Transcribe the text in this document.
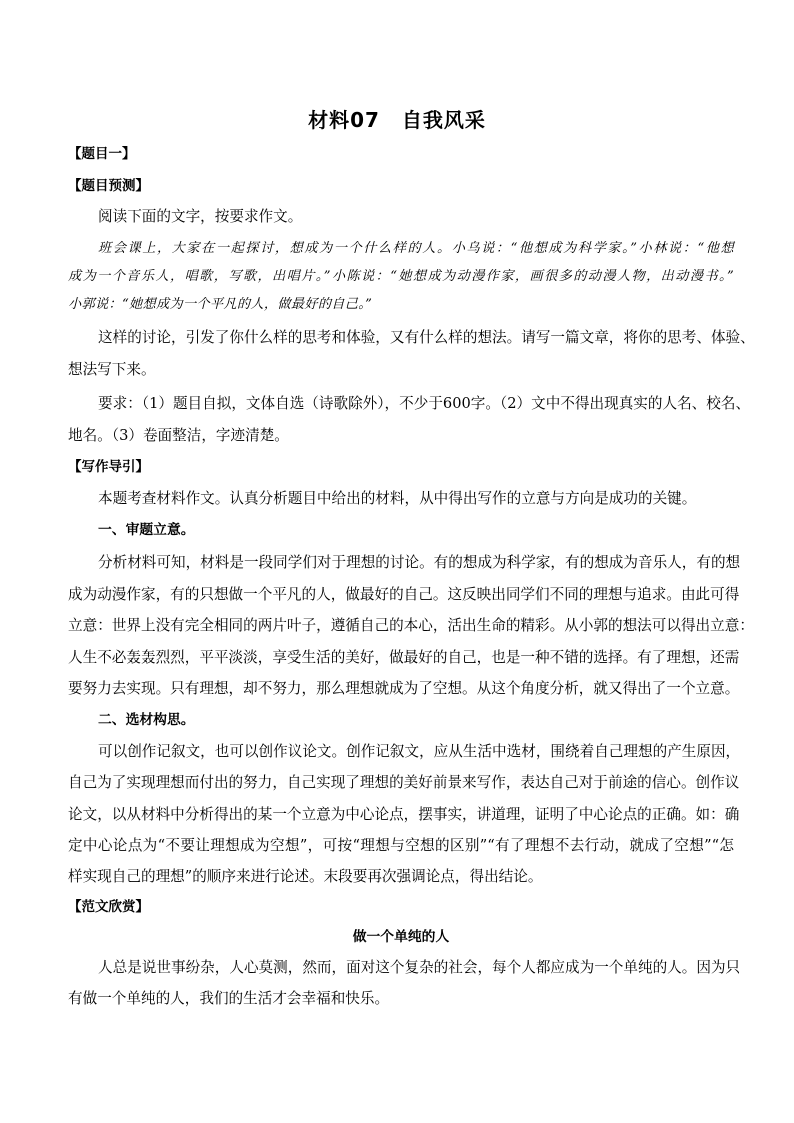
材料07 自我风采
【题目一】
【题目预测】
阅读下面的文字，按要求作文。
班会课上，大家在一起探讨，想成为一个什么样的人。小乌说：“他想成为科学家。”小林说：“他想
成为一个音乐人，唱歌，写歌，出唱片。”小陈说：“她想成为动漫作家，画很多的动漫人物，出动漫书。”
小郭说：“她想成为一个平凡的人，做最好的自己。”
这样的讨论，引发了你什么样的思考和体验，又有什么样的想法。请写一篇文章，将你的思考、体验、
想法写下来。
要求：（1）题目自拟，文体自选（诗歌除外），不少于600字。（2）文中不得出现真实的人名、校名、
地名。（3）卷面整洁，字迹清楚。
【写作导引】
本题考查材料作文。认真分析题目中给出的材料，从中得出写作的立意与方向是成功的关键。
一、审题立意。
分析材料可知，材料是一段同学们对于理想的讨论。有的想成为科学家，有的想成为音乐人，有的想
成为动漫作家，有的只想做一个平凡的人，做最好的自己。这反映出同学们不同的理想与追求。由此可得
立意：世界上没有完全相同的两片叶子，遵循自己的本心，活出生命的精彩。从小郭的想法可以得出立意：
人生不必轰轰烈烈，平平淡淡，享受生活的美好，做最好的自己，也是一种不错的选择。有了理想，还需
要努力去实现。只有理想，却不努力，那么理想就成为了空想。从这个角度分析，就又得出了一个立意。
二、选材构思。
可以创作记叙文，也可以创作议论文。创作记叙文，应从生活中选材，围绕着自己理想的产生原因，
自己为了实现理想而付出的努力，自己实现了理想的美好前景来写作，表达自己对于前途的信心。创作议
论文，以从材料中分析得出的某一个立意为中心论点，摆事实，讲道理，证明了中心论点的正确。如：确
定中心论点为“不要让理想成为空想”，可按“理想与空想的区别”“有了理想不去行动，就成了空想”“怎
样实现自己的理想”的顺序来进行论述。末段要再次强调论点，得出结论。
【范文欣赏】
做一个单纯的人
人总是说世事纷杂，人心莫测，然而，面对这个复杂的社会，每个人都应成为一个单纯的人。因为只
有做一个单纯的人，我们的生活才会幸福和快乐。
